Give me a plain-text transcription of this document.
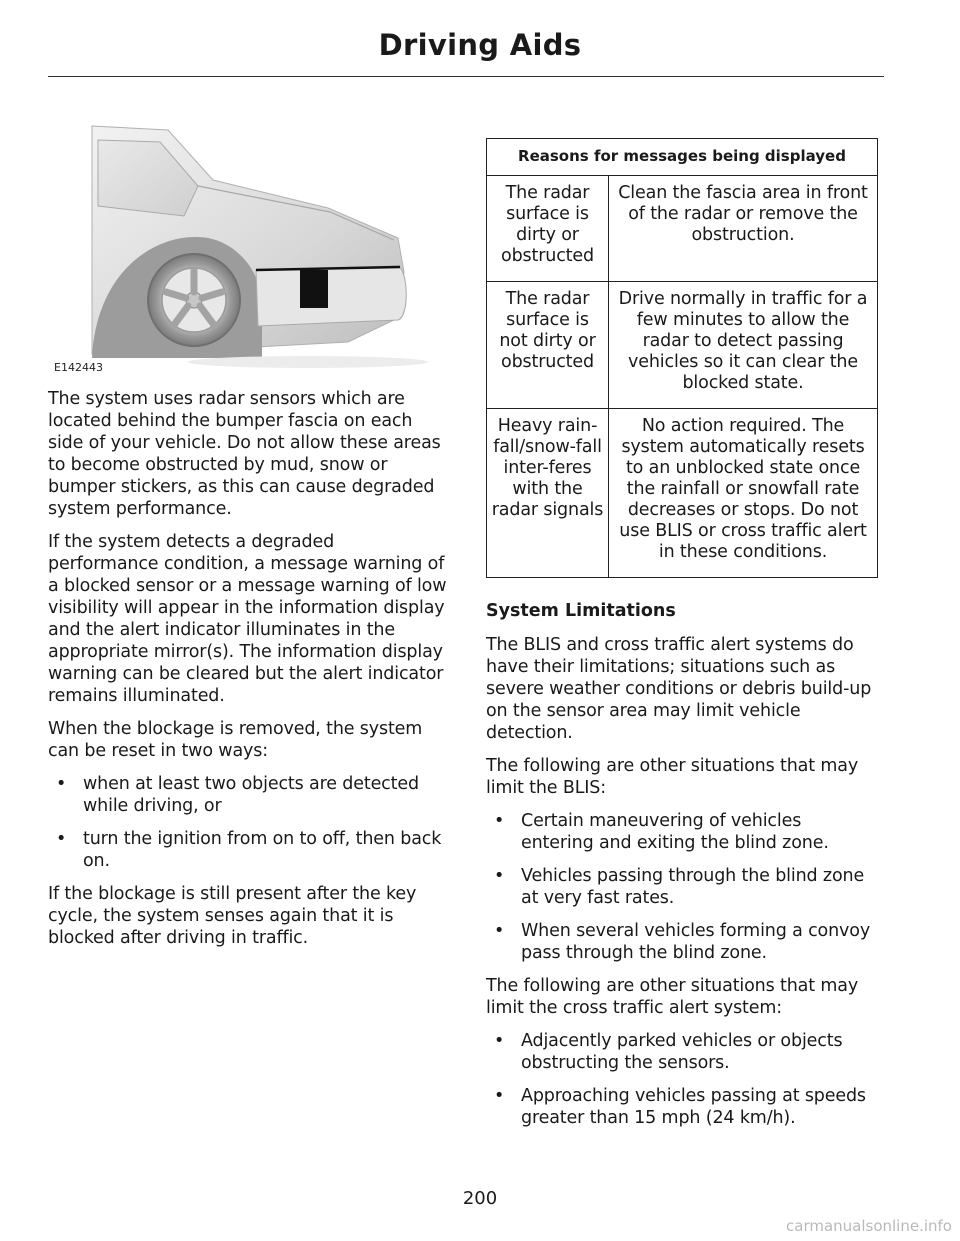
Driving Aids
E142443

The system uses radar sensors which are located behind the bumper fascia on each side of your vehicle. Do not allow these areas to become obstructed by mud, snow or bumper stickers, as this can cause degraded system performance.

If the system detects a degraded performance condition, a message warning of a blocked sensor or a message warning of low visibility will appear in the information display and the alert indicator illuminates in the appropriate mirror(s). The information display warning can be cleared but the alert indicator remains illuminated.

When the blockage is removed, the system can be reset in two ways:

• when at least two objects are detected while driving, or
• turn the ignition from on to off, then back on.

If the blockage is still present after the key cycle, the system senses again that it is blocked after driving in traffic.

Reasons for messages being displayed	
The radar surface is dirty or obstructed	Clean the fascia area in front of the radar or remove the obstruction.
The radar surface is not dirty or obstructed	Drive normally in traffic for a few minutes to allow the radar to detect passing vehicles so it can clear the blocked state.
Heavy rain-fall/snow-fall inter-feres with the radar signals	No action required. The system automatically resets to an unblocked state once the rainfall or snowfall rate decreases or stops. Do not use BLIS or cross traffic alert in these conditions.
System Limitations

The BLIS and cross traffic alert systems do have their limitations; situations such as severe weather conditions or debris build-up on the sensor area may limit vehicle detection.

The following are other situations that may limit the BLIS:

• Certain maneuvering of vehicles entering and exiting the blind zone.
• Vehicles passing through the blind zone at very fast rates.
• When several vehicles forming a convoy pass through the blind zone.

The following are other situations that may limit the cross traffic alert system:

• Adjacently parked vehicles or objects obstructing the sensors.
• Approaching vehicles passing at speeds greater than 15 mph (24 km/h).
200
carmanualsonline.info
